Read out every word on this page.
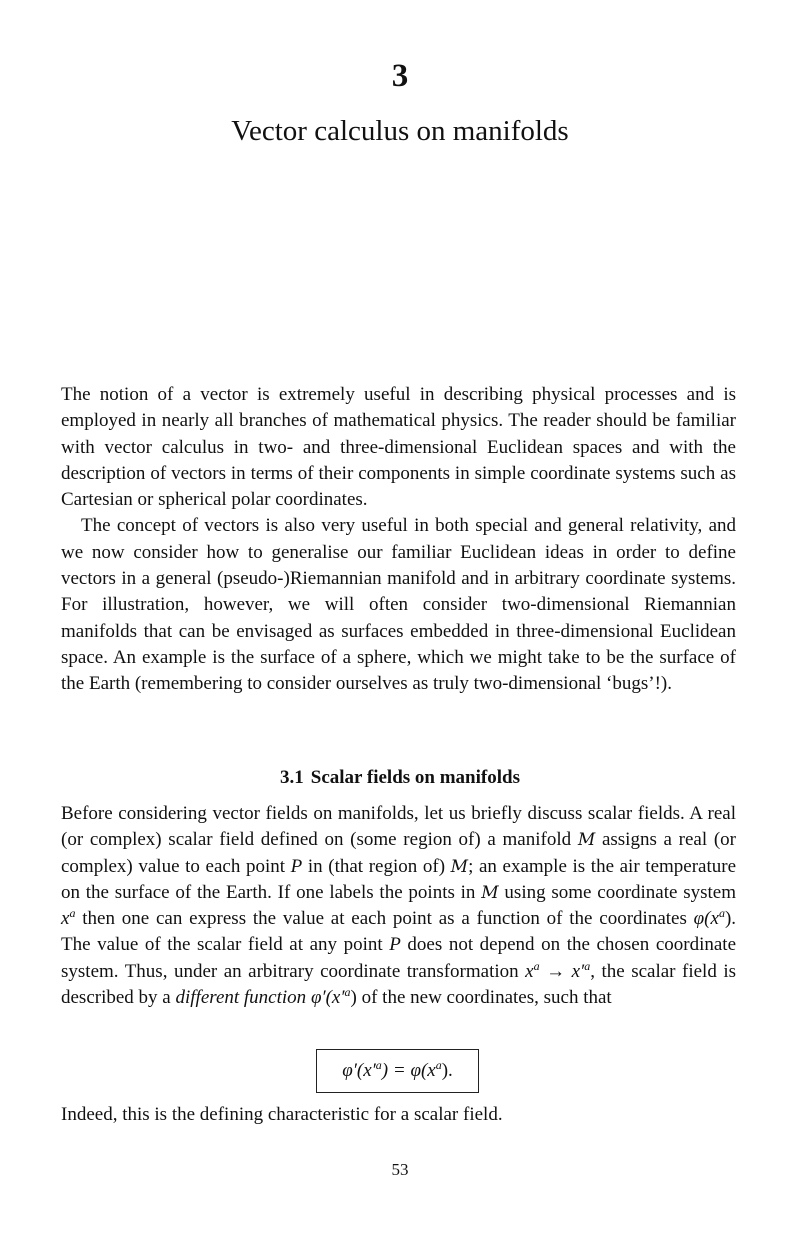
3
Vector calculus on manifolds

The notion of a vector is extremely useful in describing physical processes and is employed in nearly all branches of mathematical physics. The reader should be familiar with vector calculus in two- and three-dimensional Euclidean spaces and with the description of vectors in terms of their components in simple coordinate systems such as Cartesian or spherical polar coordinates.

The concept of vectors is also very useful in both special and general relativity, and we now consider how to generalise our familiar Euclidean ideas in order to define vectors in a general (pseudo-)Riemannian manifold and in arbitrary coordinate systems. For illustration, however, we will often consider two-dimensional Riemannian manifolds that can be envisaged as surfaces embedded in three-dimensional Euclidean space. An example is the surface of a sphere, which we might take to be the surface of the Earth (remembering to consider ourselves as truly two-dimensional ‘bugs’!).

3.1 Scalar fields on manifolds

Before considering vector fields on manifolds, let us briefly discuss scalar fields. A real (or complex) scalar field defined on (some region of) a manifold M assigns a real (or complex) value to each point P in (that region of) M; an example is the air temperature on the surface of the Earth. If one labels the points in M using some coordinate system $x^a$ then one can express the value at each point as a function of the coordinates $\varphi(x^a)$. The value of the scalar field at any point P does not depend on the chosen coordinate system. Thus, under an arbitrary coordinate transformation $x^a \to x'^a$, the scalar field is described by a different function $\varphi'(x'^a)$ of the new coordinates, such that

$\varphi'(x'^a) = \varphi(x^a)$.

Indeed, this is the defining characteristic for a scalar field.

53
